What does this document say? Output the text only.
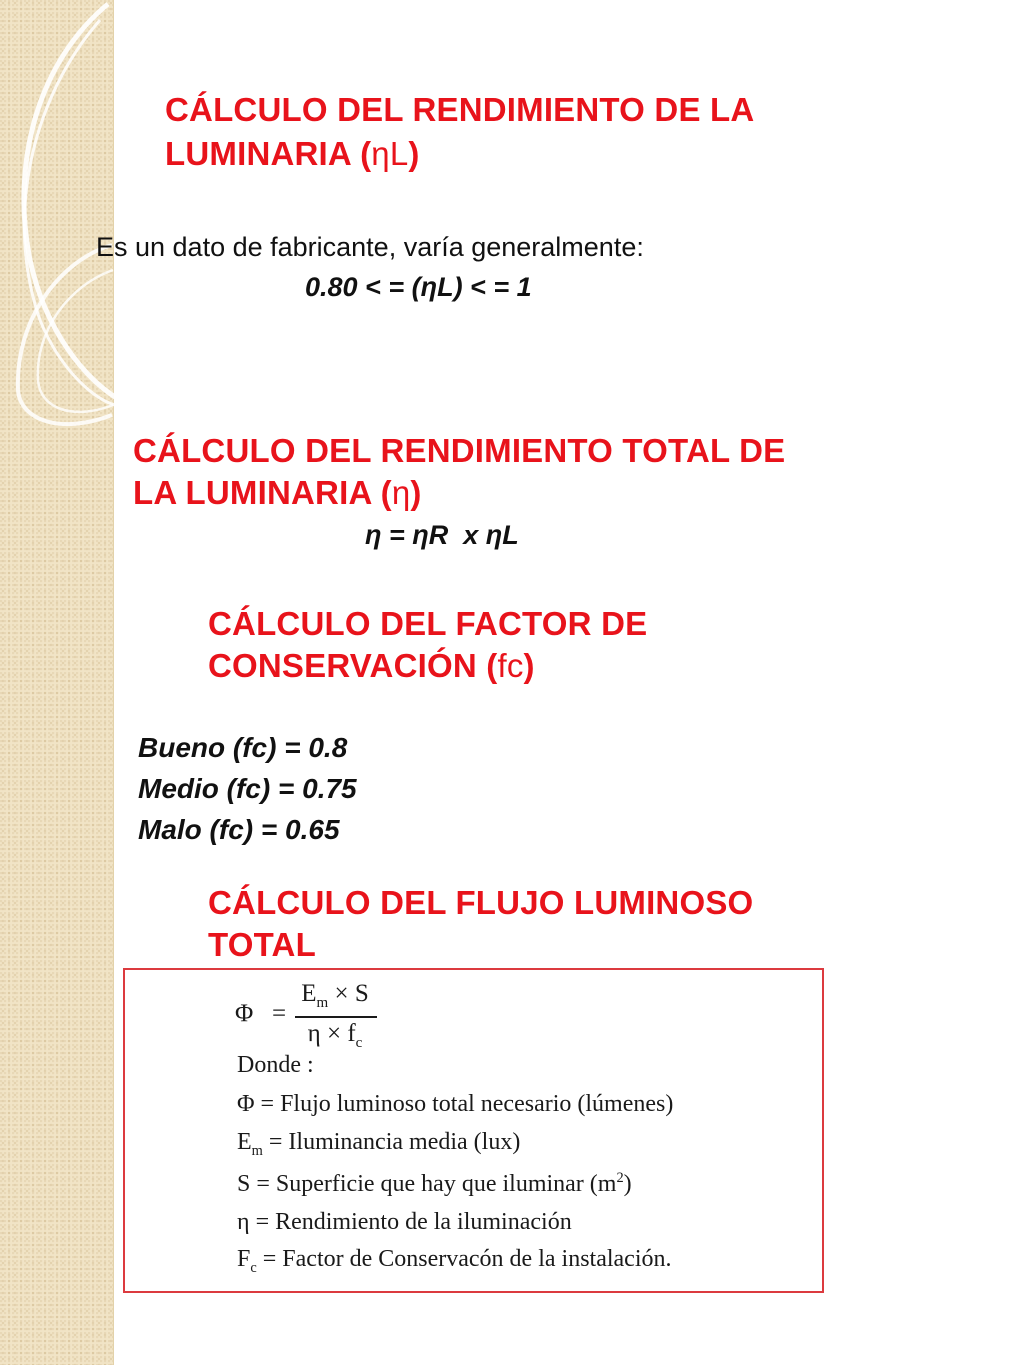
CÁLCULO DEL RENDIMIENTO DE LA
LUMINARIA (ηL)

Es un dato de fabricante, varía generalmente:

0.80 < = (ηL) < = 1

CÁLCULO DEL RENDIMIENTO TOTAL DE
LA LUMINARIA (η)

η = ηR  x ηL

CÁLCULO DEL FACTOR DE
CONSERVACIÓN (fc)

Bueno (fc) = 0.8

Medio (fc) = 0.75

Malo (fc) = 0.65

CÁLCULO DEL FLUJO LUMINOSO
TOTAL
Φ =
$E_m \times S$
$\eta \times f_c$
Donde :
Φ = Flujo luminoso total necesario (lúmenes)
$E_m$ = Iluminancia media (lux)
S = Superficie que hay que iluminar $(m^2)$
η = Rendimiento de la iluminación
$F_c$ = Factor de Conservacón de la instalación.
